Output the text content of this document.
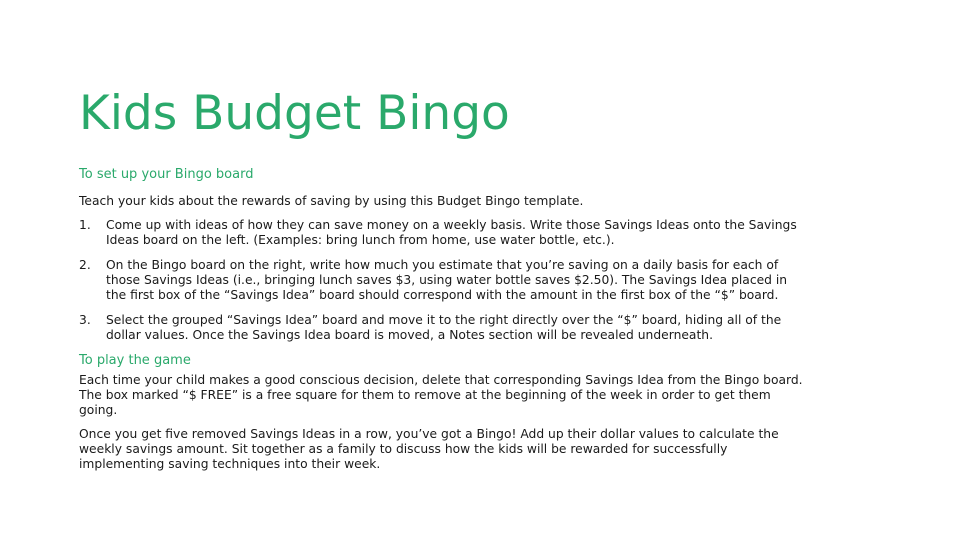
Kids Budget Bingo
To set up your Bingo board

Teach your kids about the rewards of saving by using this Budget Bingo template.

1. Come up with ideas of how they can save money on a weekly basis. Write those Savings Ideas onto the Savings Ideas board on the left. (Examples: bring lunch from home, use water bottle, etc.).
2. On the Bingo board on the right, write how much you estimate that you’re saving on a daily basis for each of those Savings Ideas (i.e., bringing lunch saves $3, using water bottle saves $2.50). The Savings Idea placed in the first box of the “Savings Idea” board should correspond with the amount in the first box of the “$” board.
3. Select the grouped “Savings Idea” board and move it to the right directly over the “$” board, hiding all of the dollar values. Once the Savings Idea board is moved, a Notes section will be revealed underneath.
To play the game

Each time your child makes a good conscious decision, delete that corresponding Savings Idea from the Bingo board. The box marked “$ FREE” is a free square for them to remove at the beginning of the week in order to get them going.

Once you get five removed Savings Ideas in a row, you’ve got a Bingo! Add up their dollar values to calculate the weekly savings amount. Sit together as a family to discuss how the kids will be rewarded for successfully implementing saving techniques into their week.
